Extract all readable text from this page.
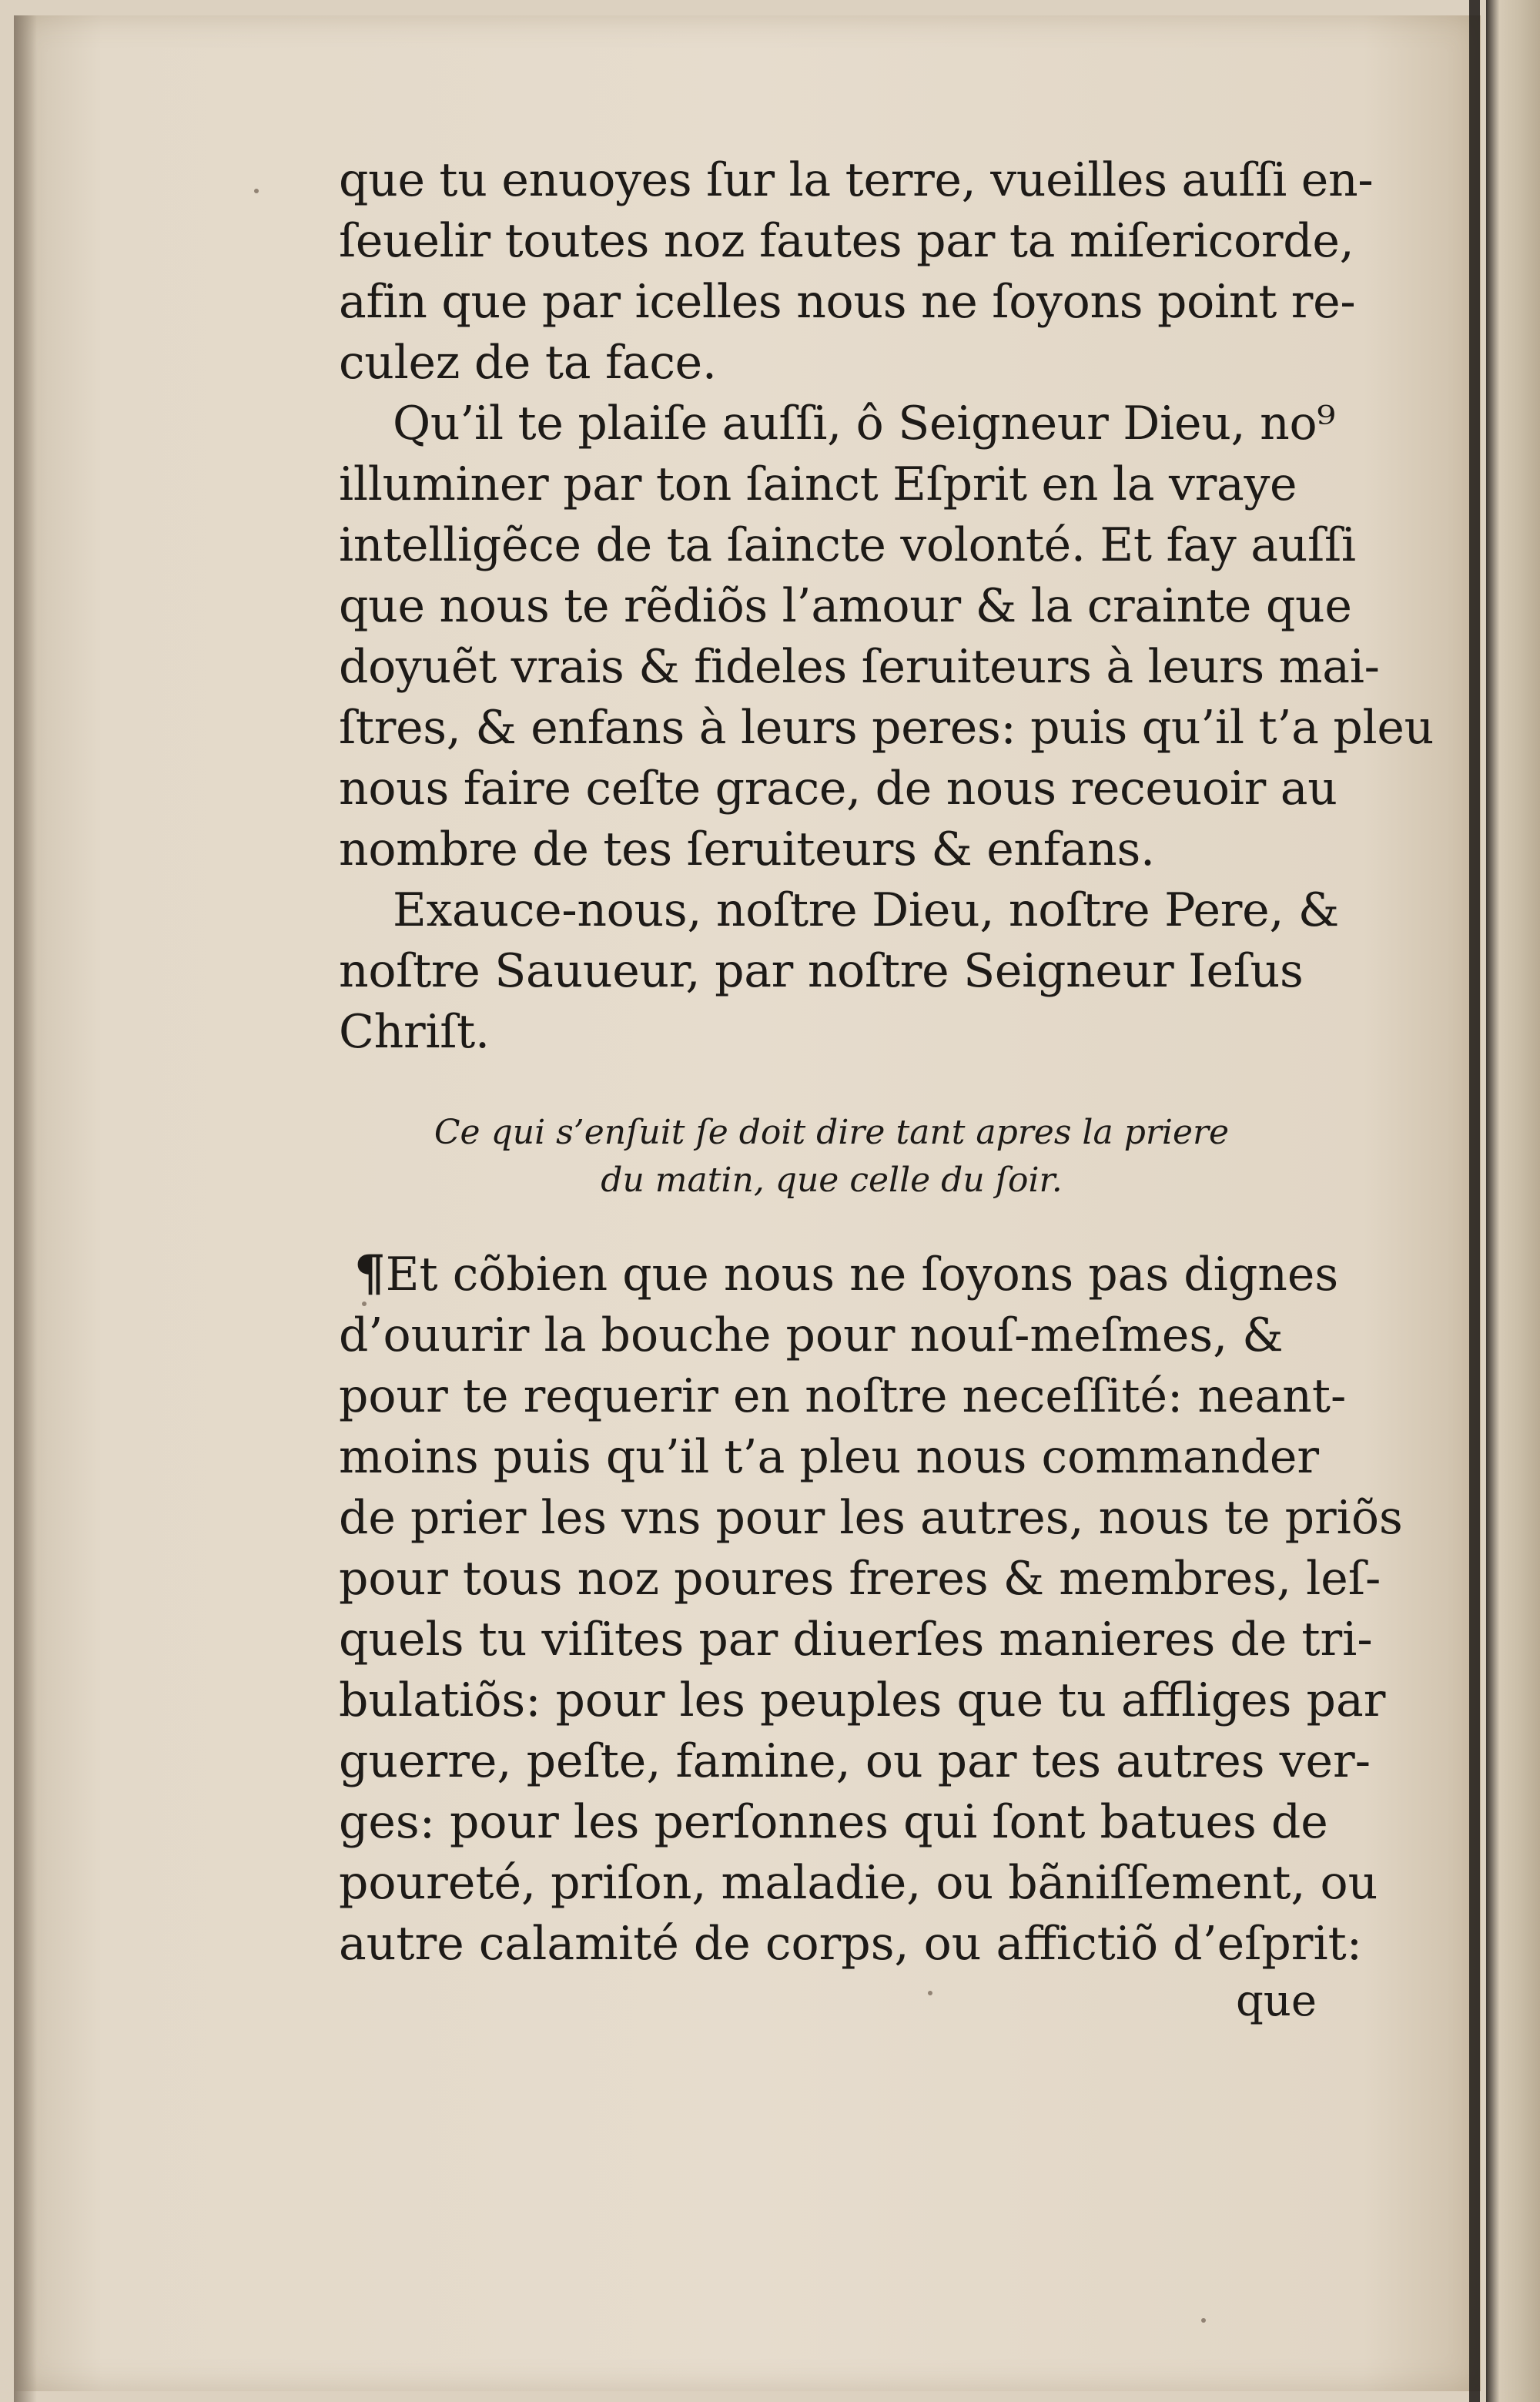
que tu enuoyes ſur la terre, vueilles auſſi en-
ſeuelir toutes noz fautes par ta miſericorde,
afin que par icelles nous ne ſoyons point re-
culez de ta face.

Qu’il te plaiſe auſſi, ô Seigneur Dieu, no⁹
illuminer par ton ſainct Eſprit en la vraye
intelligẽce de ta ſaincte volonté. Et fay auſſi
que nous te rẽdiõs l’amour & la crainte que
doyuẽt vrais & fideles ſeruiteurs à leurs mai-
ſtres, & enfans à leurs peres: puis qu’il t’a pleu
nous faire ceſte grace, de nous receuoir au
nombre de tes ſeruiteurs & enfans.

Exauce-nous, noſtre Dieu, noſtre Pere, &
noſtre Sauueur, par noſtre Seigneur Ieſus
Chriſt.

Ce qui s’enſuit ſe doit dire tant apres la priere
du matin, que celle du ſoir.

¶Et cõbien que nous ne ſoyons pas dignes
d’ouurir la bouche pour nouſ-meſmes, &
pour te requerir en noſtre neceſſité: neant-
moins puis qu’il t’a pleu nous commander
de prier les vns pour les autres, nous te priõs
pour tous noz poures freres & membres, leſ-
quels tu viſites par diuerſes manieres de tri-
bulatiõs: pour les peuples que tu affliges par
guerre, peſte, famine, ou par tes autres ver-
ges: pour les perſonnes qui ſont batues de
poureté, priſon, maladie, ou bãniſſement, ou
autre calamité de corps, ou affictiõ d’eſprit:

que
